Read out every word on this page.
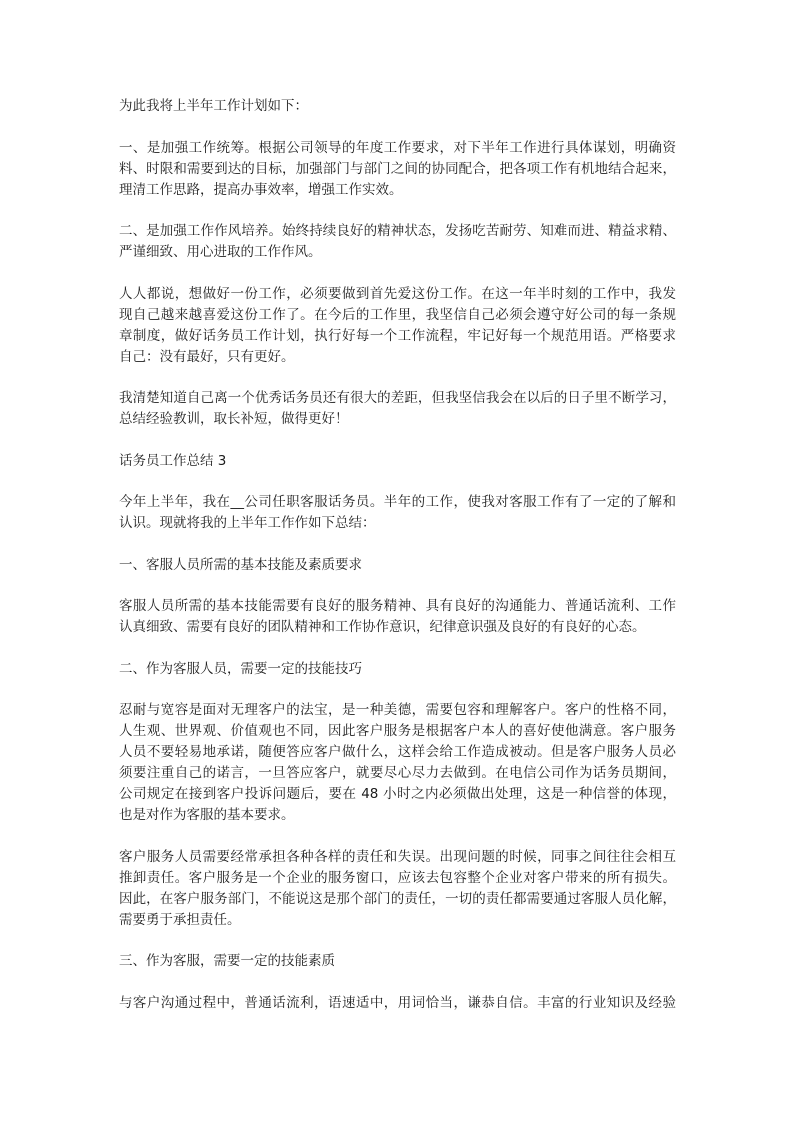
为此我将上半年工作计划如下：

一、是加强工作统筹。根据公司领导的年度工作要求，对下半年工作进行具体谋划，明确资
料、时限和需要到达的目标，加强部门与部门之间的协同配合，把各项工作有机地结合起来，
理清工作思路，提高办事效率，增强工作实效。

二、是加强工作作风培养。始终持续良好的精神状态，发扬吃苦耐劳、知难而进、精益求精、
严谨细致、用心进取的工作作风。

人人都说，想做好一份工作，必须要做到首先爱这份工作。在这一年半时刻的工作中，我发
现自己越来越喜爱这份工作了。在今后的工作里，我坚信自己必须会遵守好公司的每一条规
章制度，做好话务员工作计划，执行好每一个工作流程，牢记好每一个规范用语。严格要求
自己：没有最好，只有更好。

我清楚知道自己离一个优秀话务员还有很大的差距，但我坚信我会在以后的日子里不断学习，
总结经验教训，取长补短，做得更好！

话务员工作总结 3

今年上半年，我在__公司任职客服话务员。半年的工作，使我对客服工作有了一定的了解和
认识。现就将我的上半年工作作如下总结：

一、客服人员所需的基本技能及素质要求

客服人员所需的基本技能需要有良好的服务精神、具有良好的沟通能力、普通话流利、工作
认真细致、需要有良好的团队精神和工作协作意识，纪律意识强及良好的有良好的心态。

二、作为客服人员，需要一定的技能技巧

忍耐与宽容是面对无理客户的法宝，是一种美德，需要包容和理解客户。客户的性格不同，
人生观、世界观、价值观也不同，因此客户服务是根据客户本人的喜好使他满意。客户服务
人员不要轻易地承诺，随便答应客户做什么，这样会给工作造成被动。但是客户服务人员必
须要注重自己的诺言，一旦答应客户，就要尽心尽力去做到。在电信公司作为话务员期间，
公司规定在接到客户投诉问题后，要在 48 小时之内必须做出处理，这是一种信誉的体现，
也是对作为客服的基本要求。

客户服务人员需要经常承担各种各样的责任和失误。出现问题的时候，同事之间往往会相互
推卸责任。客户服务是一个企业的服务窗口，应该去包容整个企业对客户带来的所有损失。
因此，在客户服务部门，不能说这是那个部门的责任，一切的责任都需要通过客服人员化解，
需要勇于承担责任。

三、作为客服，需要一定的技能素质

与客户沟通过程中，普通话流利，语速适中，用词恰当，谦恭自信。丰富的行业知识及经验
